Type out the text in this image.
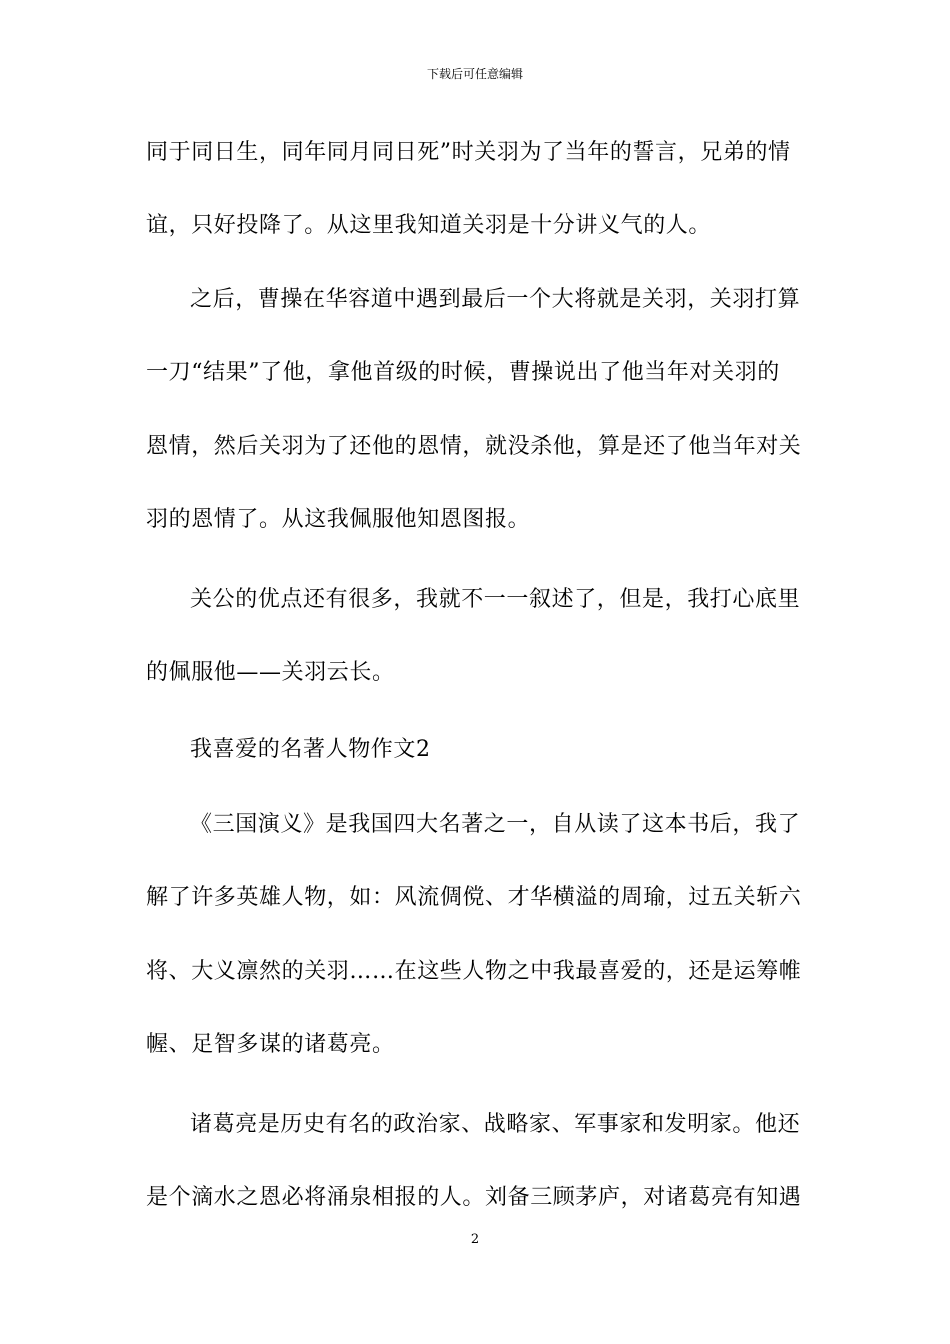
下载后可任意编辑
同于同日生，同年同月同日死”时关羽为了当年的誓言，兄弟的情
谊，只好投降了。从这里我知道关羽是十分讲义气的人。
之后，曹操在华容道中遇到最后一个大将就是关羽，关羽打算
一刀“结果”了他，拿他首级的时候，曹操说出了他当年对关羽的
恩情，然后关羽为了还他的恩情，就没杀他，算是还了他当年对关
羽的恩情了。从这我佩服他知恩图报。
关公的优点还有很多，我就不一一叙述了，但是，我打心底里
的佩服他——关羽云长。
我喜爱的名著人物作文2
《三国演义》是我国四大名著之一，自从读了这本书后，我了
解了许多英雄人物，如：风流倜傥、才华横溢的周瑜，过五关斩六
将、大义凛然的关羽……在这些人物之中我最喜爱的，还是运筹帷
幄、足智多谋的诸葛亮。
诸葛亮是历史有名的政治家、战略家、军事家和发明家。他还
是个滴水之恩必将涌泉相报的人。刘备三顾茅庐，对诸葛亮有知遇
2
